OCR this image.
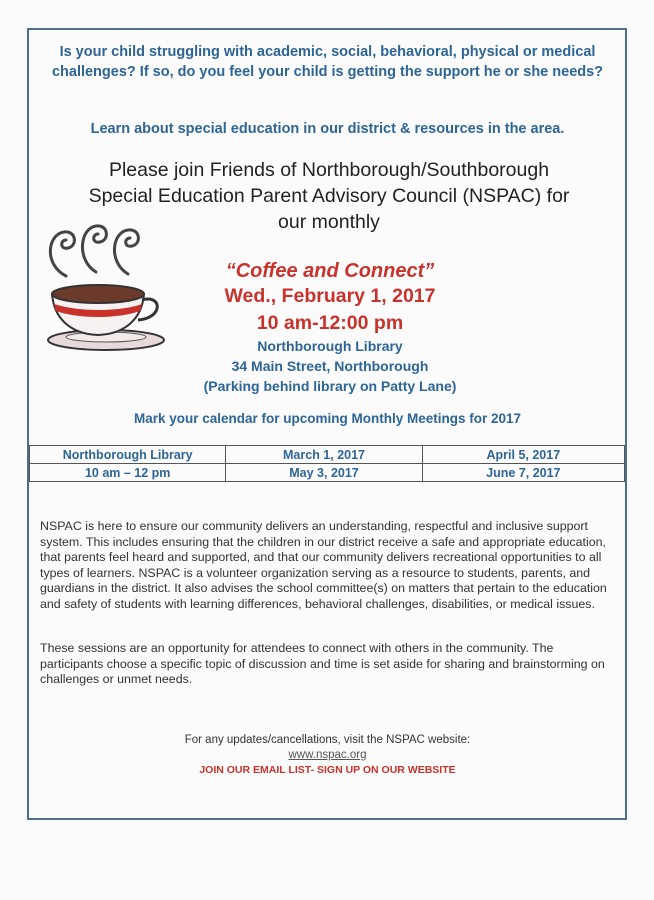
Is your child struggling with academic, social, behavioral, physical or medical challenges? If so, do you feel your child is getting the support he or she needs?
Learn about special education in our district & resources in the area.
Please join Friends of Northborough/Southborough
Special Education Parent Advisory Council (NSPAC) for
our monthly
“Coffee and Connect”
Wed., February 1, 2017
10 am-12:00 pm
Northborough Library
34 Main Street, Northborough
(Parking behind library on Patty Lane)
Mark your calendar for upcoming Monthly Meetings for 2017
Northborough Library	March 1, 2017	April 5, 2017
10 am – 12 pm	May 3, 2017	June 7, 2017
NSPAC is here to ensure our community delivers an understanding, respectful and inclusive support system. This includes ensuring that the children in our district receive a safe and appropriate education, that parents feel heard and supported, and that our community delivers recreational opportunities to all types of learners. NSPAC is a volunteer organization serving as a resource to students, parents, and guardians in the district. It also advises the school committee(s) on matters that pertain to the education and safety of students with learning differences, behavioral challenges, disabilities, or medical issues.
These sessions are an opportunity for attendees to connect with others in the community. The participants choose a specific topic of discussion and time is set aside for sharing and brainstorming on challenges or unmet needs.
For any updates/cancellations, visit the NSPAC website:
www.nspac.org
JOIN OUR EMAIL LIST- SIGN UP ON OUR WEBSITE
